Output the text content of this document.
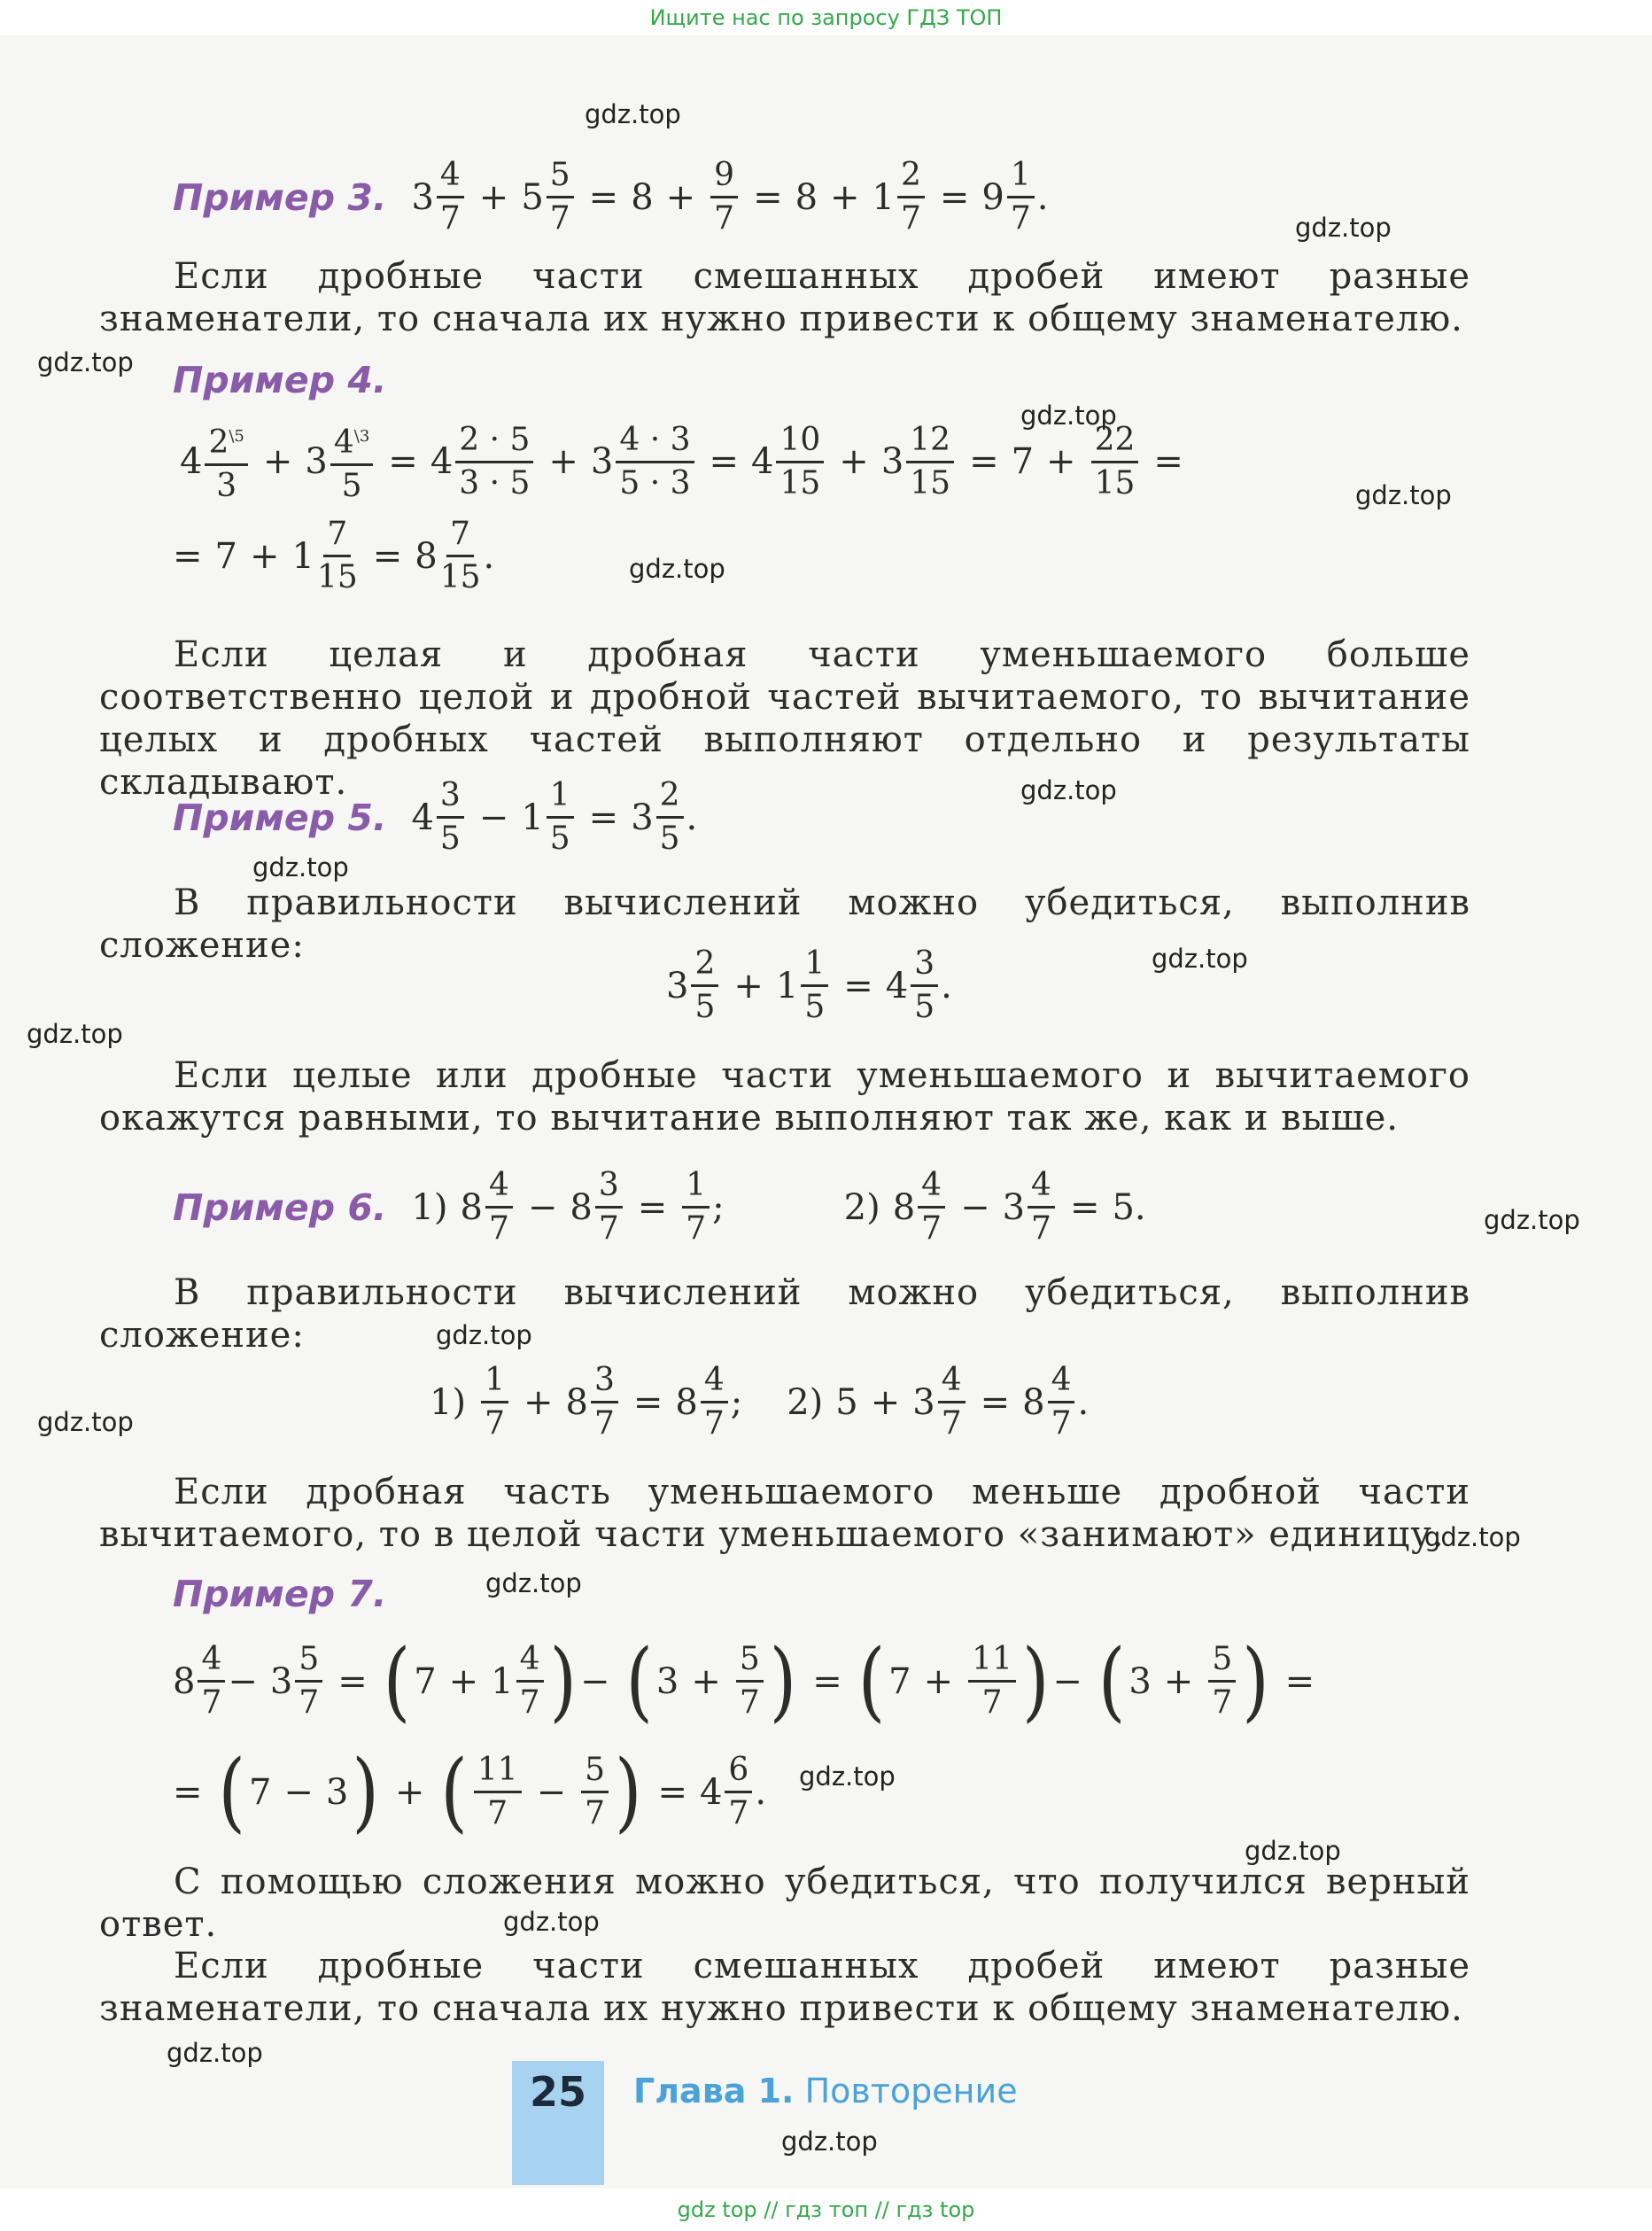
Ищите нас по запросу ГДЗ ТОП
Пример 3. $3 \frac{4}{7} + 5 \frac{5}{7} = 8 + \frac{9}{7} = 8 + 1 \frac{2}{7} = 9 \frac{1}{7}$ .
Если дробные части смешанных дробей имеют разные знаменатели, то сначала их нужно привести к общему знаменателю.
Пример 4.
$4 \frac{2^{\backslash 5}}{3} + 3 \frac{4^{\backslash 3}}{5} = 4 \frac{2 \cdot 5}{3 \cdot 5} + 3 \frac{4 \cdot 3}{5 \cdot 3} = 4 \frac{10}{15} + 3 \frac{12}{15} = 7 + \frac{22}{15}$ =
= $7 + 1 \frac{7}{15} = 8 \frac{7}{15}$ .
Если целая и дробная части уменьшаемого больше соответственно целой и дробной частей вычитаемого, то вычитание целых и дробных частей выполняют отдельно и результаты складывают.
Пример 5. $4 \frac{3}{5} - 1 \frac{1}{5} = 3 \frac{2}{5}$ .
В правильности вычислений можно убедиться, выполнив сложение:
$3 \frac{2}{5} + 1 \frac{1}{5} = 4 \frac{3}{5}$ .
Если целые или дробные части уменьшаемого и вычитаемого окажутся равными, то вычитание выполняют так же, как и выше.
Пример 6. 1) $8 \frac{4}{7} - 8 \frac{3}{7} = \frac{1}{7}$ ;	2) $8 \frac{4}{7} - 3 \frac{4}{7} = 5$.
В правильности вычислений можно убедиться, выполнив сложение:
$1) \frac{1}{7} + 8 \frac{3}{7} = 8 \frac{4}{7}$ ; 2) $5 + 3 \frac{4}{7} = 8 \frac{4}{7}$ .
Если дробная часть уменьшаемого меньше дробной части вычитаемого, то в целой части уменьшаемого «занимают» единицу.
Пример 7.
$8 \frac{4}{7} - 3 \frac{5}{7}$ = ( $7 + 1 \frac{4}{7}$ ) − ( $3 + \frac{5}{7}$ ) = ( $7 + \frac{11}{7}$ ) − ( $3 + \frac{5}{7}$ ) =
= ( 7 − 3 ) + ( $\frac{11}{7} - \frac{5}{7}$ ) = $4 \frac{6}{7}$ .
С помощью сложения можно убедиться, что получился верный ответ.
Если дробные части смешанных дробей имеют разные знаменатели, то сначала их нужно привести к общему знаменателю.
25	Глава 1. Повторение
gdz.top
gdz.top
gdz.top
gdz.top
gdz.top
gdz.top
gdz.top
gdz.top
gdz.top
gdz.top
gdz.top
gdz.top
gdz.top
gdz.top
gdz.top
gdz.top
gdz.top
gdz.top
gdz.top
gdz.top
gdz top // гдз топ // гдз top
